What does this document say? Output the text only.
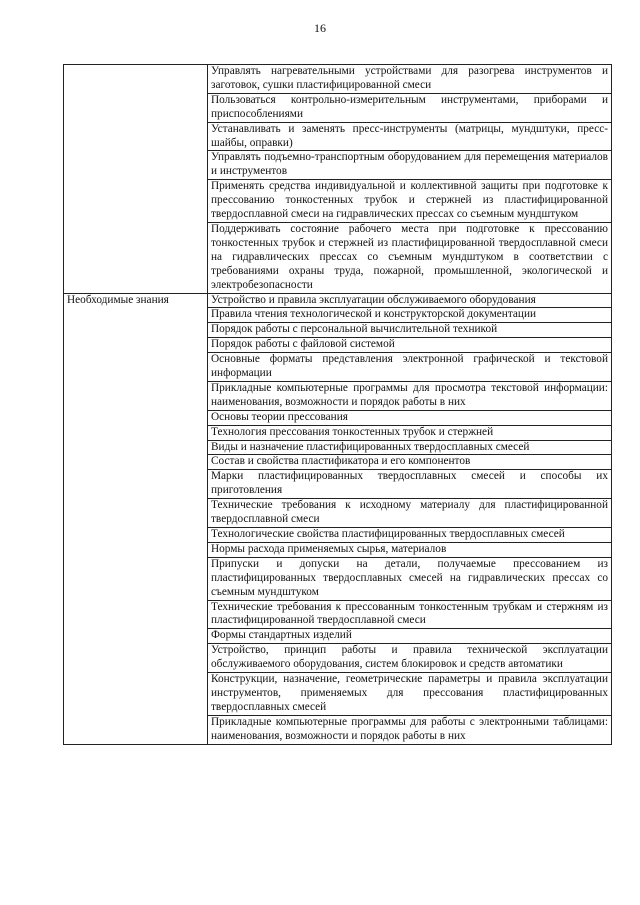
16
	Управлять нагревательными устройствами для разогрева инструментов и заготовок, сушки пластифицированной смеси
	Пользоваться контрольно-измерительным инструментами, приборами и приспособлениями
	Устанавливать и заменять пресс-инструменты (матрицы, мундштуки, пресс-шайбы, оправки)
	Управлять подъемно-транспортным оборудованием для перемещения материалов и инструментов
	Применять средства индивидуальной и коллективной защиты при подготовке к прессованию тонкостенных трубок и стержней из пластифицированной твердосплавной смеси на гидравлических прессах со съемным мундштуком
	Поддерживать состояние рабочего места при подготовке к прессованию тонкостенных трубок и стержней из пластифицированной твердосплавной смеси на гидравлических прессах со съемным мундштуком в соответствии с требованиями охраны труда, пожарной, промышленной, экологической и электробезопасности
Необходимые знания	Устройство и правила эксплуатации обслуживаемого оборудования
	Правила чтения технологической и конструкторской документации
	Порядок работы с персональной вычислительной техникой
	Порядок работы с файловой системой
	Основные форматы представления электронной графической и текстовой информации
	Прикладные компьютерные программы для просмотра текстовой информации: наименования, возможности и порядок работы в них
	Основы теории прессования
	Технология прессования тонкостенных трубок и стержней
	Виды и назначение пластифицированных твердосплавных смесей
	Состав и свойства пластификатора и его компонентов
	Марки пластифицированных твердосплавных смесей и способы их приготовления
	Технические требования к исходному материалу для пластифицированной твердосплавной смеси
	Технологические свойства пластифицированных твердосплавных смесей
	Нормы расхода применяемых сырья, материалов
	Припуски и допуски на детали, получаемые прессованием из пластифицированных твердосплавных смесей на гидравлических прессах со съемным мундштуком
	Технические требования к прессованным тонкостенным трубкам и стержням из пластифицированной твердосплавной смеси
	Формы стандартных изделий
	Устройство, принцип работы и правила технической эксплуатации обслуживаемого оборудования, систем блокировок и средств автоматики
	Конструкции, назначение, геометрические параметры и правила эксплуатации инструментов, применяемых для прессования пластифицированных твердосплавных смесей
	Прикладные компьютерные программы для работы с электронными таблицами: наименования, возможности и порядок работы в них
